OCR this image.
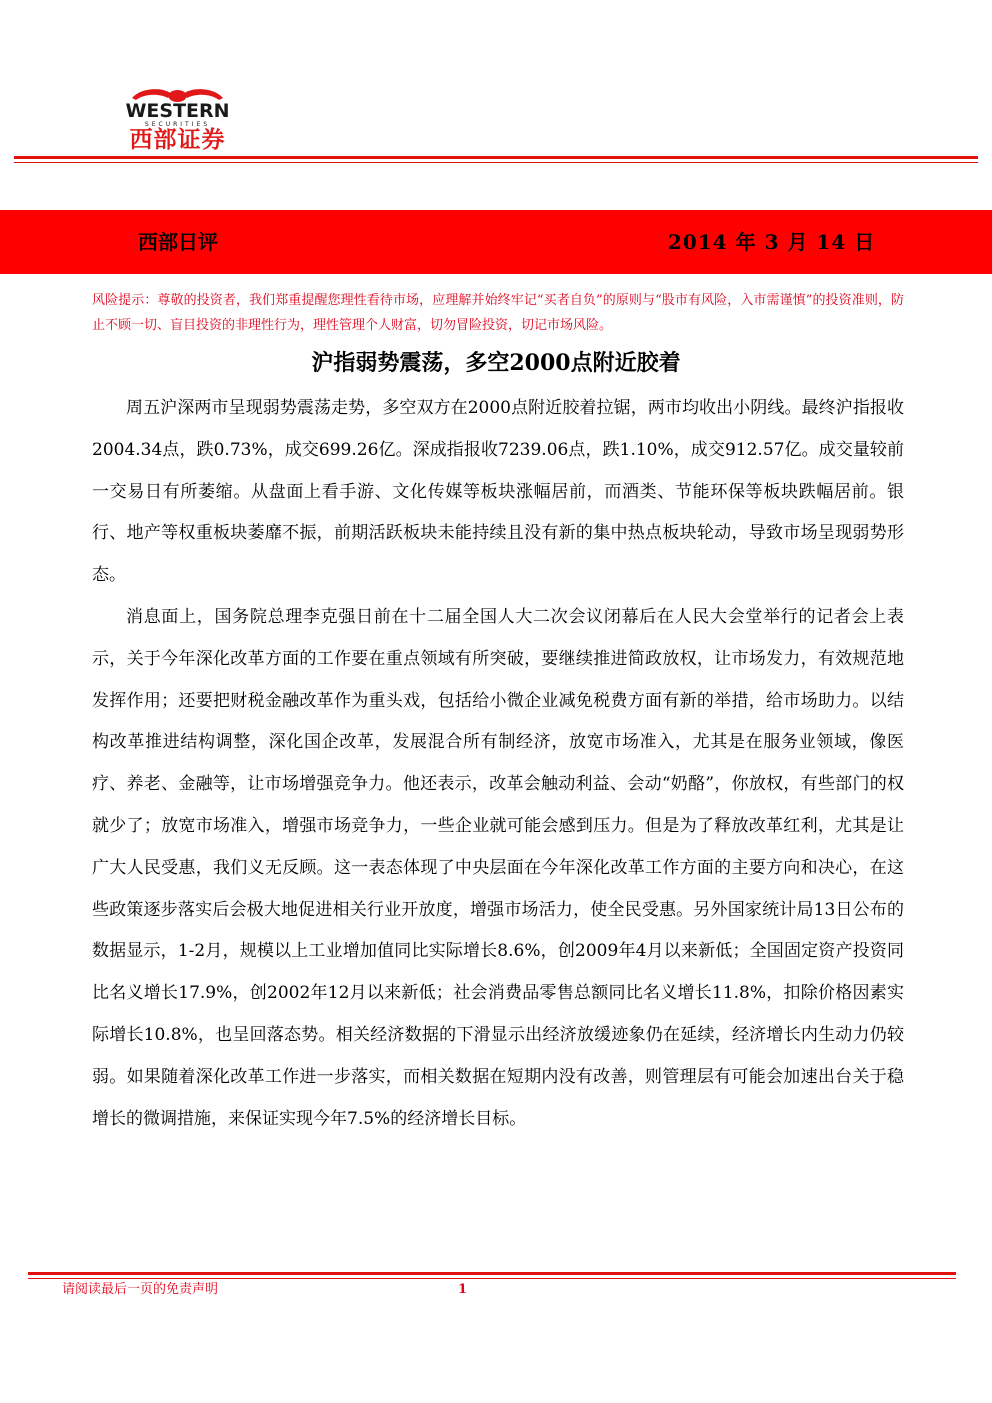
WESTERN
SECURITIES
西部证券
西部日评	2014 年 3 月 14 日
风险提示：尊敬的投资者，我们郑重提醒您理性看待市场，应理解并始终牢记“买者自负”的原则与“股市有风险，入市需谨慎”的投资准则，防止不顾一切、盲目投资的非理性行为，理性管理个人财富，切勿冒险投资，切记市场风险。
沪指弱势震荡，多空2000点附近胶着

周五沪深两市呈现弱势震荡走势，多空双方在2000点附近胶着拉锯，两市均收出小阴线。最终沪指报收2004.34点，跌0.73%，成交699.26亿。深成指报收7239.06点，跌1.10%，成交912.57亿。成交量较前一交易日有所萎缩。从盘面上看手游、文化传媒等板块涨幅居前，而酒类、节能环保等板块跌幅居前。银行、地产等权重板块萎靡不振，前期活跃板块未能持续且没有新的集中热点板块轮动，导致市场呈现弱势形态。

消息面上，国务院总理李克强日前在十二届全国人大二次会议闭幕后在人民大会堂举行的记者会上表示，关于今年深化改革方面的工作要在重点领域有所突破，要继续推进简政放权，让市场发力，有效规范地发挥作用；还要把财税金融改革作为重头戏，包括给小微企业减免税费方面有新的举措，给市场助力。以结构改革推进结构调整，深化国企改革，发展混合所有制经济，放宽市场准入，尤其是在服务业领域，像医疗、养老、金融等，让市场增强竞争力。他还表示，改革会触动利益、会动“奶酪”，你放权，有些部门的权就少了；放宽市场准入，增强市场竞争力，一些企业就可能会感到压力。但是为了释放改革红利，尤其是让广大人民受惠，我们义无反顾。这一表态体现了中央层面在今年深化改革工作方面的主要方向和决心，在这些政策逐步落实后会极大地促进相关行业开放度，增强市场活力，使全民受惠。另外国家统计局13日公布的数据显示，1-2月，规模以上工业增加值同比实际增长8.6%，创2009年4月以来新低；全国固定资产投资同比名义增长17.9%，创2002年12月以来新低；社会消费品零售总额同比名义增长11.8%，扣除价格因素实际增长10.8%，也呈回落态势。相关经济数据的下滑显示出经济放缓迹象仍在延续，经济增长内生动力仍较弱。如果随着深化改革工作进一步落实，而相关数据在短期内没有改善，则管理层有可能会加速出台关于稳增长的微调措施，来保证实现今年7.5%的经济增长目标。

请阅读最后一页的免责声明	1
